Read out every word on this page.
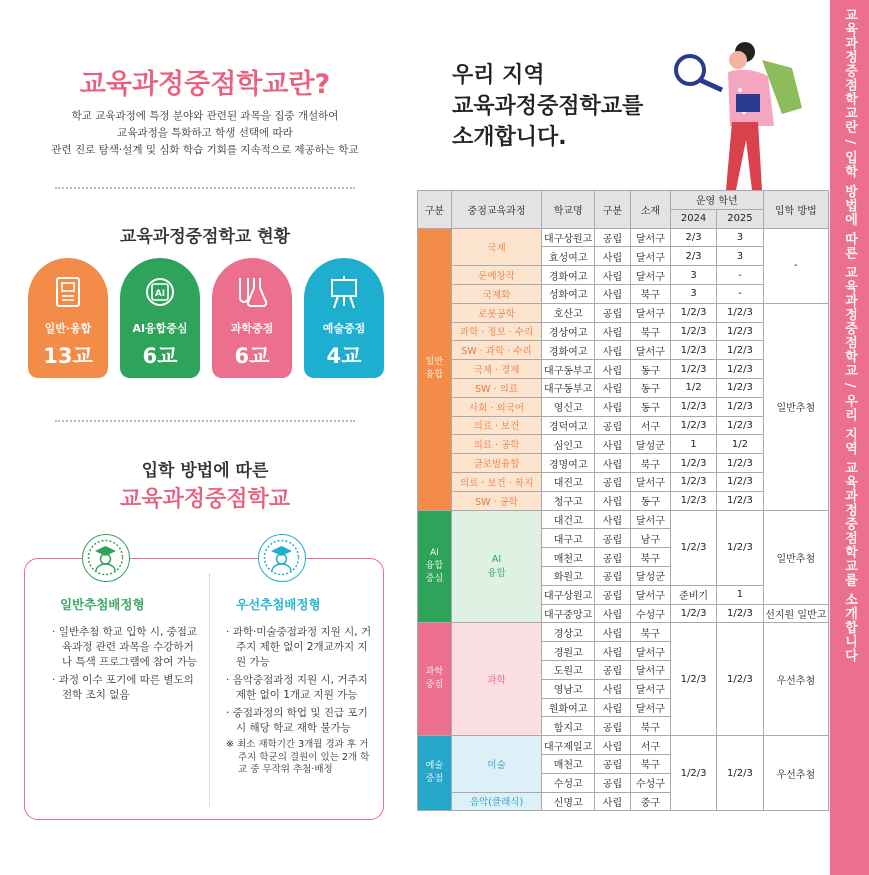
교육과정중점학교란 / 입학 방법에 따른 교육과정중점학교 / 우리 지역 교육과정중점학교를 소개합니다
교육과정중점학교란?
학교 교육과정에 특정 분야와 관련된 과목을 집중 개설하여
교육과정을 특화하고 학생 선택에 따라
관련 진로 탐색·설계 및 심화 학습 기회를 지속적으로 제공하는 학교
교육과정중점학교 현황
일반·융합
13교
AI
AI융합중심
6교
과학중점
6교
예술중점
4교
입학 방법에 따른
교육과정중점학교
일반추첨배정형
· 일반추첨 학교 입학 시, 중점교육과정 관련 과목을 수강하거나 특색 프로그램에 참여 가능
· 과정 이수 포기에 따른 별도의 전학 조치 없음
우선추첨배정형
· 과학·미술중점과정 지원 시, 거주지 제한 없이 2개교까지 지원 가능
· 음악중점과정 지원 시, 거주지 제한 없이 1개교 지원 가능
· 중점과정의 학업 및 진급 포기 시 해당 학교 재학 불가능
※ 최소 재학기간 3개월 경과 후 거주지 학군의 결원이 있는 2개 학교 중 무작위 추첨·배정
우리 지역
교육과정중점학교를
소개합니다.
구분	중점교육과정	학교명	구분	소재	운영 학년		입학 방법
					2024	2025	
일반
융합	국제	대구상원고	공립	달서구	2/3	3	-
		효성여고	사립	달서구	2/3	3	
	문예창작	경화여고	사립	달서구	3	-	
	국제화	성화여고	사립	북구	3	-	
	로봇공학	호산고	공립	달서구	1/2/3	1/2/3	일반추첨
	과학 · 정보 · 수리	경상여고	사립	북구	1/2/3	1/2/3	
	SW · 과학 · 수리	경화여고	사립	달서구	1/2/3	1/2/3	
	국제 · 경제	대구동부고	사립	동구	1/2/3	1/2/3	
	SW · 의료	대구동부고	사립	동구	1/2	1/2/3	
	사회 · 외국어	영신고	사립	동구	1/2/3	1/2/3	
	의료 · 보건	경덕여고	공립	서구	1/2/3	1/2/3	
	의료 · 공학	심인고	사립	달성군	1	1/2	
	글로벌융합	경명여고	사립	북구	1/2/3	1/2/3	
	의료 · 보건 · 복지	대진고	공립	달서구	1/2/3	1/2/3	
	SW · 공학	청구고	사립	동구	1/2/3	1/2/3	
AI
융합
중심	AI
융합	대건고	사립	달서구	1/2/3	1/2/3	일반추첨
		대구고	공립	남구			
		매천고	공립	북구			
		화원고	공립	달성군			
		대구상원고	공립	달서구	준비기	1	
		대구중앙고	사립	수성구	1/2/3	1/2/3	선지원 일반고
과학
중점	과학	경상고	사립	북구	1/2/3	1/2/3	우선추첨
		경원고	사립	달서구			
		도원고	공립	달서구			
		영남고	사립	달서구			
		원화여고	사립	달서구			
		함지고	공립	북구			
예술
중점	미술	대구제일고	사립	서구	1/2/3	1/2/3	우선추첨
		매천고	공립	북구			
		수성고	공립	수성구			
	음악(클래식)	신명고	사립	중구			
